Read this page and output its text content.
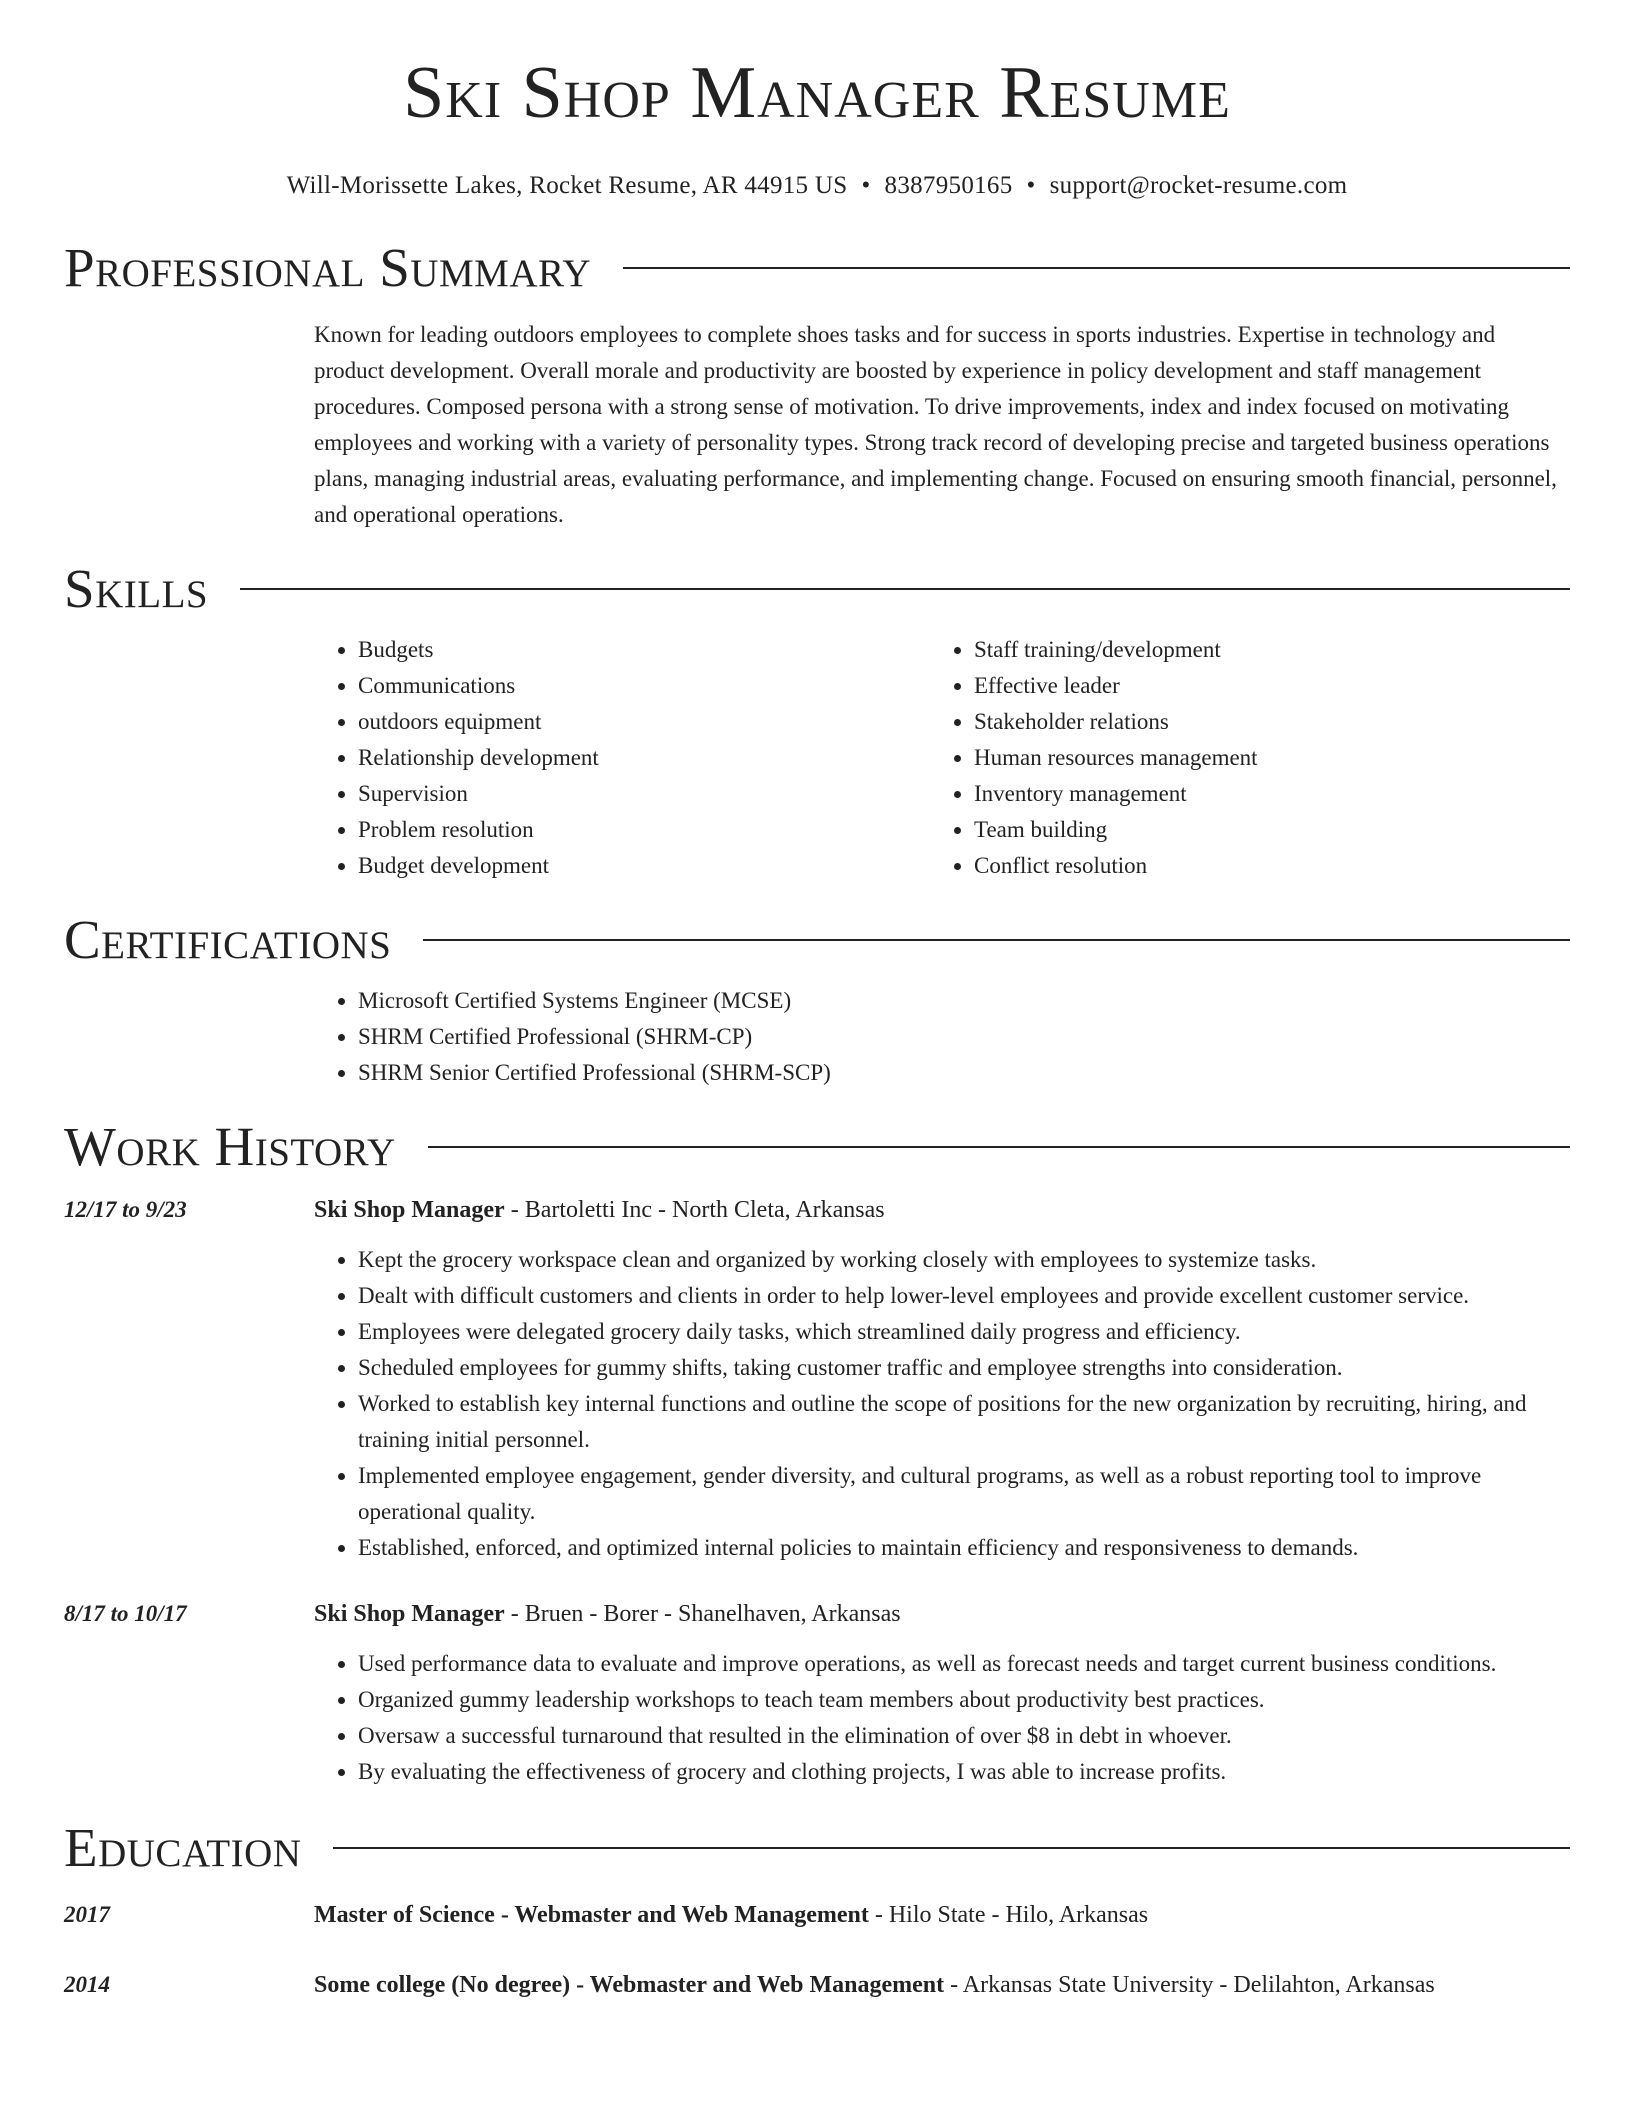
Ski Shop Manager Resume
Will-Morissette Lakes, Rocket Resume, AR 44915 US • 8387950165 • support@rocket-resume.com
Professional Summary
Known for leading outdoors employees to complete shoes tasks and for success in sports industries. Expertise in technology and product development. Overall morale and productivity are boosted by experience in policy development and staff management procedures. Composed persona with a strong sense of motivation. To drive improvements, index and index focused on motivating employees and working with a variety of personality types. Strong track record of developing precise and targeted business operations plans, managing industrial areas, evaluating performance, and implementing change. Focused on ensuring smooth financial, personnel, and operational operations.
Skills
• Budgets
• Communications
• outdoors equipment
• Relationship development
• Supervision
• Problem resolution
• Budget development
• Staff training/development
• Effective leader
• Stakeholder relations
• Human resources management
• Inventory management
• Team building
• Conflict resolution
Certifications
• Microsoft Certified Systems Engineer (MCSE)
• SHRM Certified Professional (SHRM-CP)
• SHRM Senior Certified Professional (SHRM-SCP)
Work History
12/17 to 9/23	Ski Shop Manager - Bartoletti Inc - North Cleta, Arkansas
• Kept the grocery workspace clean and organized by working closely with employees to systemize tasks.
• Dealt with difficult customers and clients in order to help lower-level employees and provide excellent customer service.
• Employees were delegated grocery daily tasks, which streamlined daily progress and efficiency.
• Scheduled employees for gummy shifts, taking customer traffic and employee strengths into consideration.
• Worked to establish key internal functions and outline the scope of positions for the new organization by recruiting, hiring, and training initial personnel.
• Implemented employee engagement, gender diversity, and cultural programs, as well as a robust reporting tool to improve operational quality.
• Established, enforced, and optimized internal policies to maintain efficiency and responsiveness to demands.
8/17 to 10/17	Ski Shop Manager - Bruen - Borer - Shanelhaven, Arkansas
• Used performance data to evaluate and improve operations, as well as forecast needs and target current business conditions.
• Organized gummy leadership workshops to teach team members about productivity best practices.
• Oversaw a successful turnaround that resulted in the elimination of over $8 in debt in whoever.
• By evaluating the effectiveness of grocery and clothing projects, I was able to increase profits.
Education
2017	Master of Science - Webmaster and Web Management - Hilo State - Hilo, Arkansas
2014	Some college (No degree) - Webmaster and Web Management - Arkansas State University - Delilahton, Arkansas
